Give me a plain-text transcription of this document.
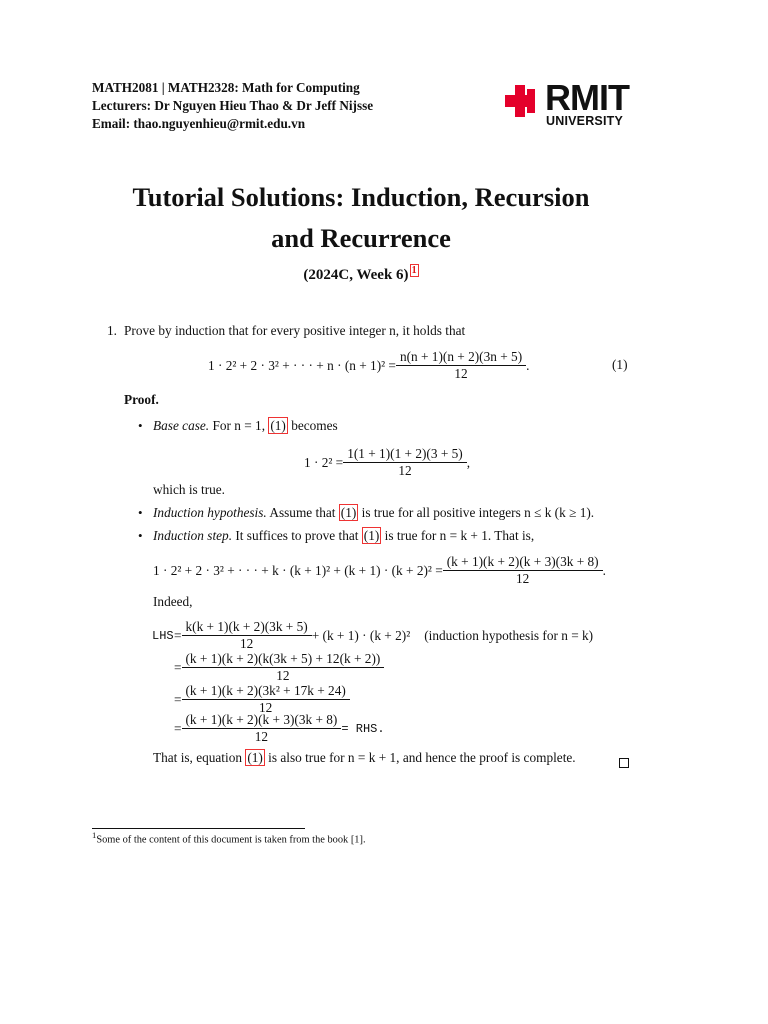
MATH2081 | MATH2328: Math for Computing
Lecturers: Dr Nguyen Hieu Thao & Dr Jeff Nijsse
Email: thao.nguyenhieu@rmit.edu.vn
RMIT
UNIVERSITY
Tutorial Solutions: Induction, Recursion
and Recurrence
(2024C, Week 6) $^1$
1. Prove by induction that for every positive integer n, it holds that
1 · 2² + 2 · 3² + · · · + $n \cdot (n + 1)^2 = \frac{n(n + 1)(n + 2)(3n + 5)}{12}$ .	(1)
Proof.
• Base case. For n = 1, (1) becomes
$1 \cdot 2^2 = \frac{1(1 + 1)(1 + 2)(3 + 5)}{12}$ ,
which is true.
• Induction hypothesis. Assume that (1) is true for all positive integers n ≤ k (k ≥ 1).
• Induction step. It suffices to prove that (1) is true for n = k + 1. That is,
1 · 2² + 2 · 3² + · · · + $k \cdot (k + 1)^2 + (k + 1) \cdot (k + 2)^2 = \frac{(k + 1)(k + 2)(k + 3)(3k + 8)}{12}$ .
Indeed,
LHS = $\frac{k(k + 1)(k + 2)(3k + 5)}{12} + (k + 1) \cdot (k + 2)^2$ (induction hypothesis for n = k)
= $\frac{(k + 1)(k + 2)(k(3k + 5) + 12(k + 2))}{12}$
= $\frac{\text{(k + 1)(k + 2)(3k² + 17k + 24)}}{12}$
= $\frac{(k + 1)(k + 2)(k + 3)(3k + 8)}{12}$ = RHS.
That is, equation (1) is also true for n = k + 1, and hence the proof is complete.
$^1$Some of the content of this document is taken from the book [1].
